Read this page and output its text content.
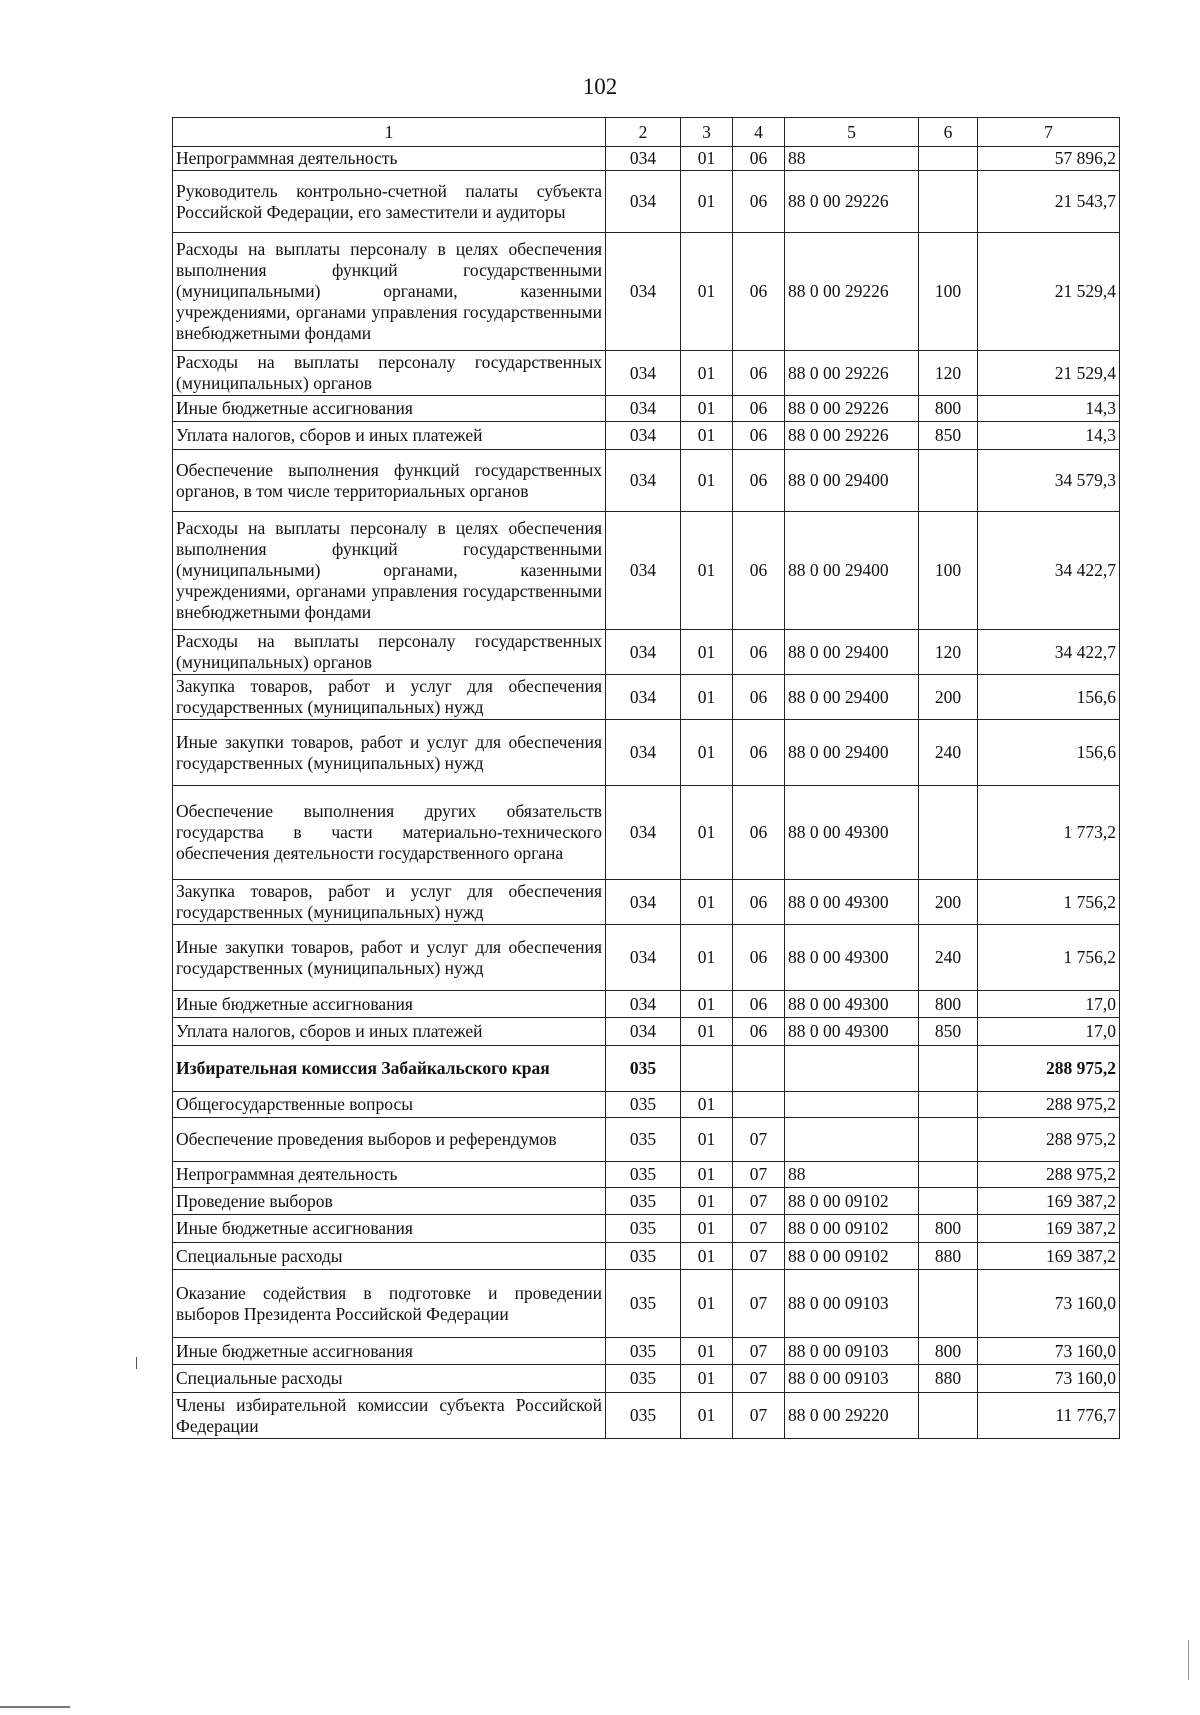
102
1	2	3	4	5	6	7
Непрограммная деятельность	034	01	06	88		57 896,2
Руководитель контрольно-счетной палаты субъекта Российской Федерации, его заместители и аудиторы	034	01	06	88 0 00 29226		21 543,7
Расходы на выплаты персоналу в целях обеспечения выполнения функций государственными (муниципальными) органами, казенными учреждениями, органами управления государственными внебюджетными фондами	034	01	06	88 0 00 29226	100	21 529,4
Расходы на выплаты персоналу государственных (муниципальных) органов	034	01	06	88 0 00 29226	120	21 529,4
Иные бюджетные ассигнования	034	01	06	88 0 00 29226	800	14,3
Уплата налогов, сборов и иных платежей	034	01	06	88 0 00 29226	850	14,3
Обеспечение выполнения функций государственных органов, в том числе территориальных органов	034	01	06	88 0 00 29400		34 579,3
Расходы на выплаты персоналу в целях обеспечения выполнения функций государственными (муниципальными) органами, казенными учреждениями, органами управления государственными внебюджетными фондами	034	01	06	88 0 00 29400	100	34 422,7
Расходы на выплаты персоналу государственных (муниципальных) органов	034	01	06	88 0 00 29400	120	34 422,7
Закупка товаров, работ и услуг для обеспечения государственных (муниципальных) нужд	034	01	06	88 0 00 29400	200	156,6
Иные закупки товаров, работ и услуг для обеспечения государственных (муниципальных) нужд	034	01	06	88 0 00 29400	240	156,6
Обеспечение выполнения других обязательств государства в части материально-технического обеспечения деятельности государственного органа	034	01	06	88 0 00 49300		1 773,2
Закупка товаров, работ и услуг для обеспечения государственных (муниципальных) нужд	034	01	06	88 0 00 49300	200	1 756,2
Иные закупки товаров, работ и услуг для обеспечения государственных (муниципальных) нужд	034	01	06	88 0 00 49300	240	1 756,2
Иные бюджетные ассигнования	034	01	06	88 0 00 49300	800	17,0
Уплата налогов, сборов и иных платежей	034	01	06	88 0 00 49300	850	17,0
Избирательная комиссия Забайкальского края	035					288 975,2
Общегосударственные вопросы	035	01				288 975,2
Обеспечение проведения выборов и референдумов	035	01	07			288 975,2
Непрограммная деятельность	035	01	07	88		288 975,2
Проведение выборов	035	01	07	88 0 00 09102		169 387,2
Иные бюджетные ассигнования	035	01	07	88 0 00 09102	800	169 387,2
Специальные расходы	035	01	07	88 0 00 09102	880	169 387,2
Оказание содействия в подготовке и проведении выборов Президента Российской Федерации	035	01	07	88 0 00 09103		73 160,0
Иные бюджетные ассигнования	035	01	07	88 0 00 09103	800	73 160,0
Специальные расходы	035	01	07	88 0 00 09103	880	73 160,0
Члены избирательной комиссии субъекта Российской Федерации	035	01	07	88 0 00 29220		11 776,7
